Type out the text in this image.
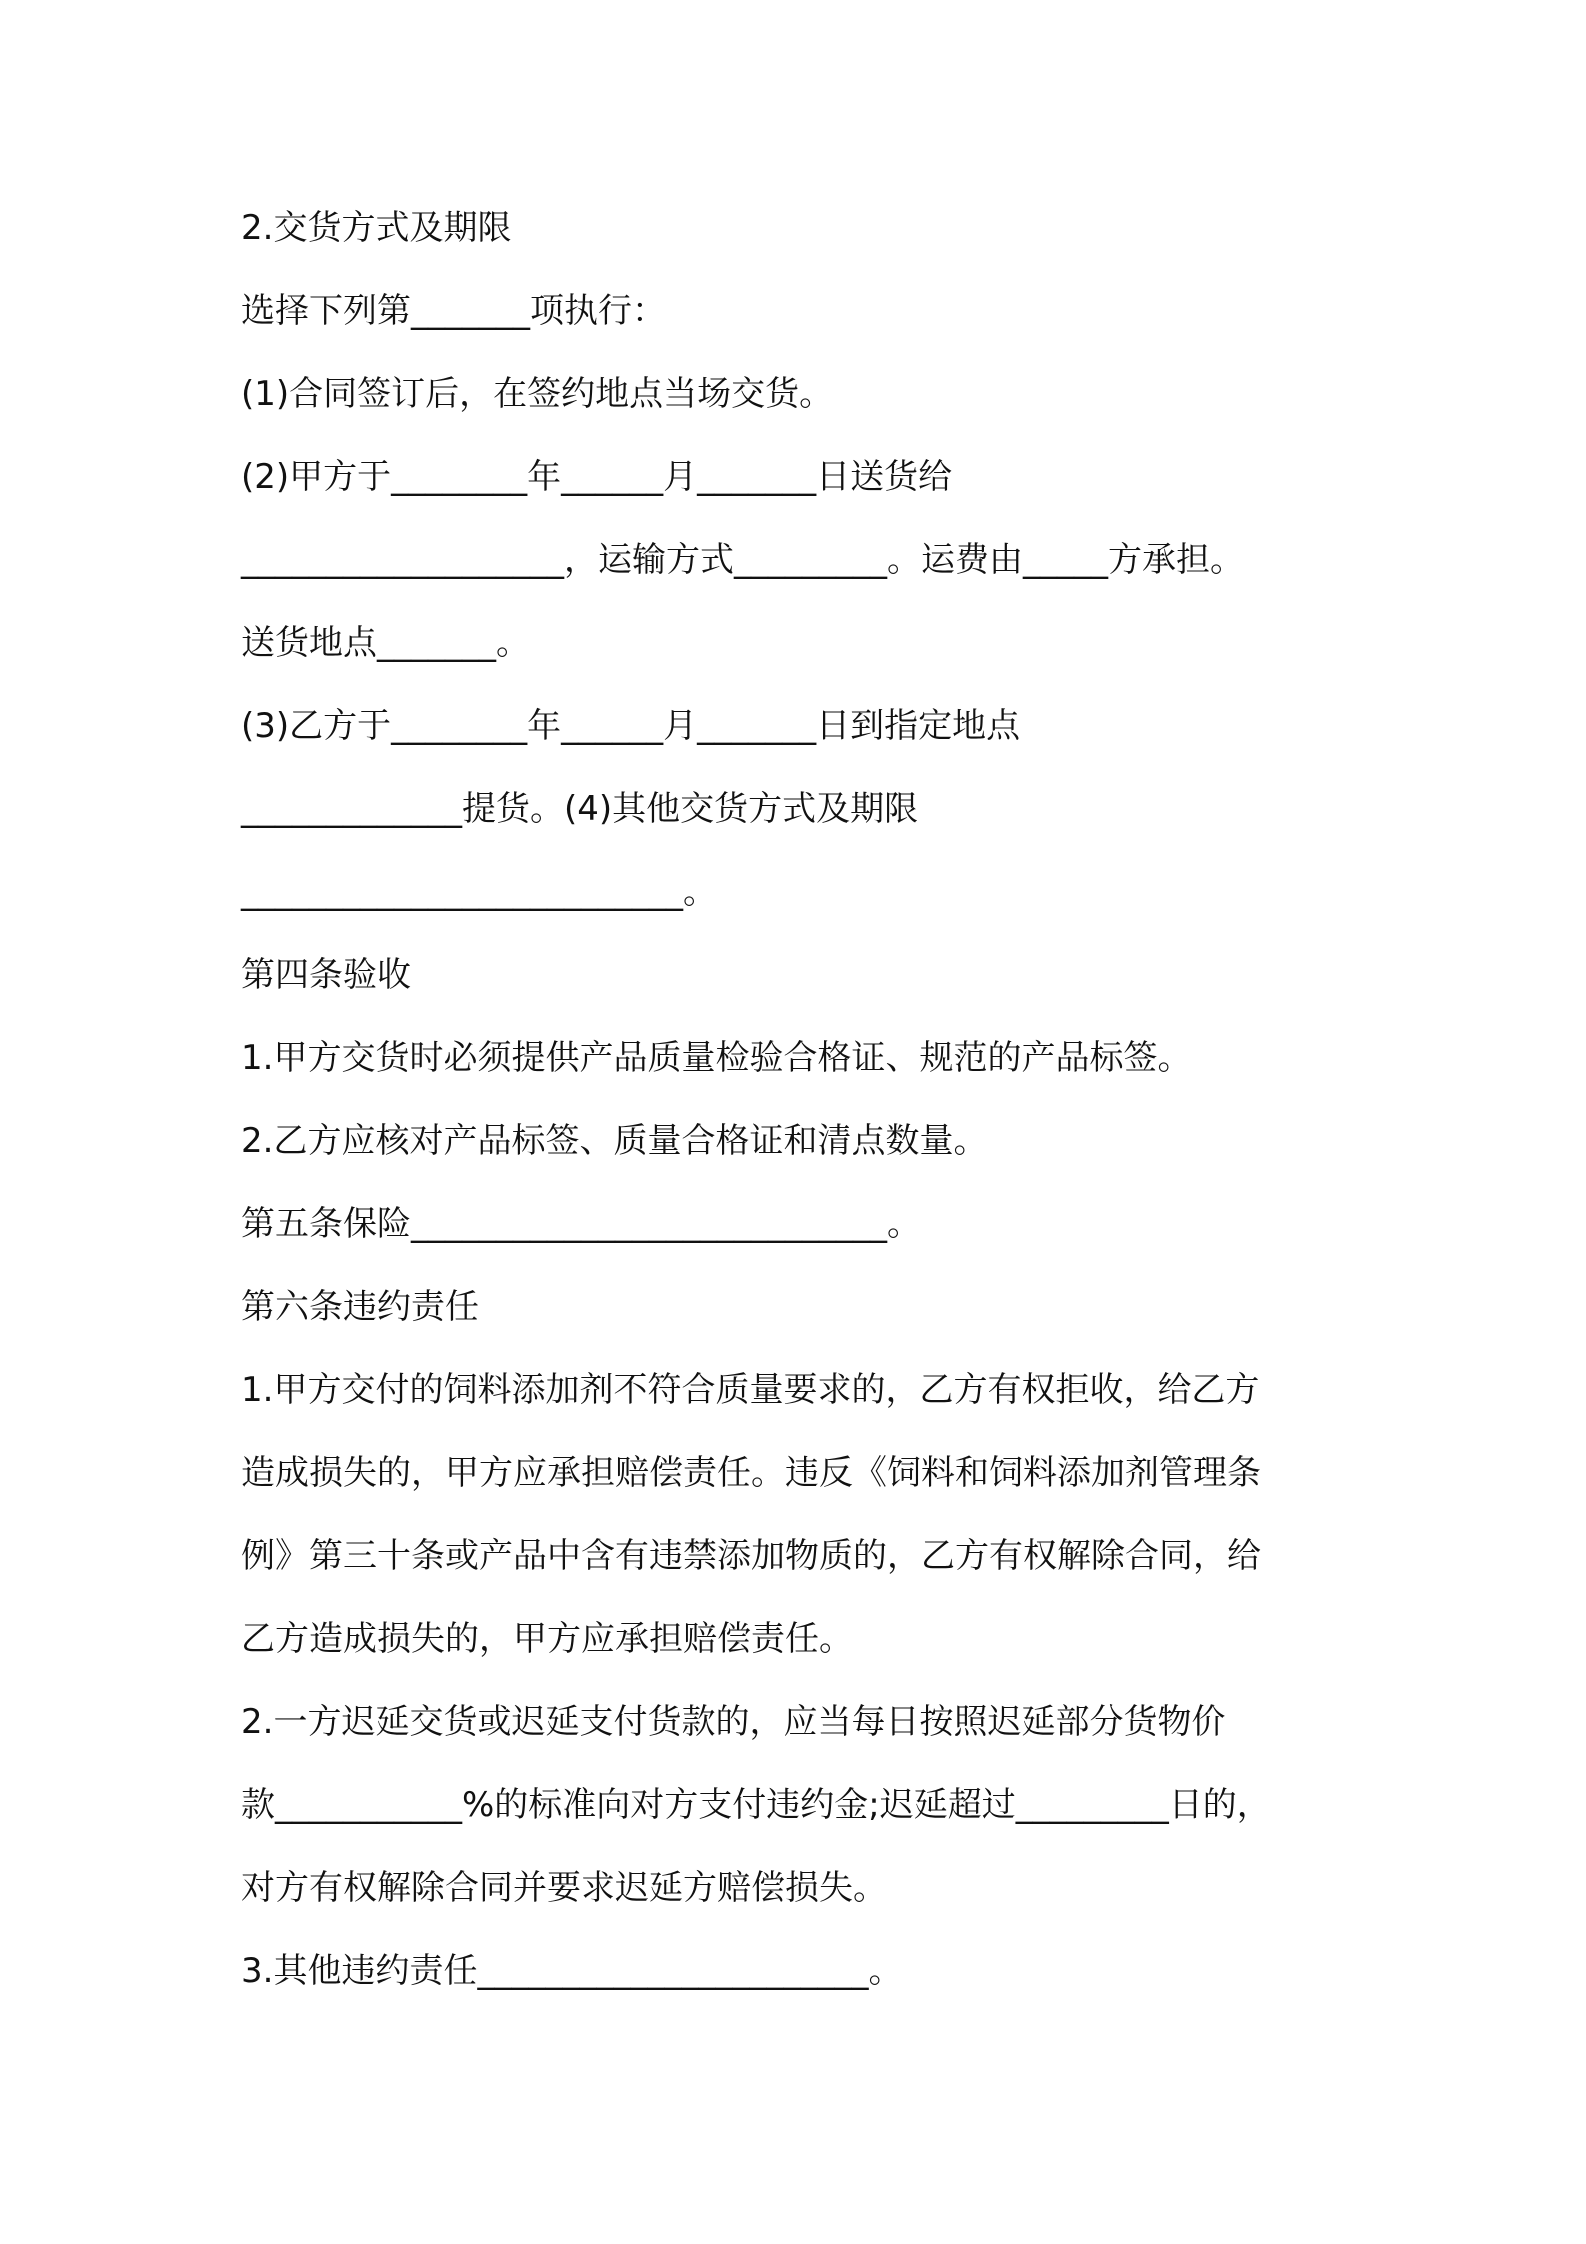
2.交货方式及期限

选择下列第_______项执行：

(1)合同签订后，在签约地点当场交货。

(2)甲方于________年______月_______日送货给

___________________，运输方式_________。运费由_____方承担。

送货地点_______。

(3)乙方于________年______月_______日到指定地点

_____________提货。(4)其他交货方式及期限

__________________________。

第四条验收

1.甲方交货时必须提供产品质量检验合格证、规范的产品标签。

2.乙方应核对产品标签、质量合格证和清点数量。

第五条保险____________________________。

第六条违约责任

1.甲方交付的饲料添加剂不符合质量要求的，乙方有权拒收，给乙方

造成损失的，甲方应承担赔偿责任。违反《饲料和饲料添加剂管理条

例》第三十条或产品中含有违禁添加物质的，乙方有权解除合同，给

乙方造成损失的，甲方应承担赔偿责任。

2.一方迟延交货或迟延支付货款的，应当每日按照迟延部分货物价

款___________%的标准向对方支付违约金;迟延超过_________日的，

对方有权解除合同并要求迟延方赔偿损失。

3.其他违约责任_______________________。
